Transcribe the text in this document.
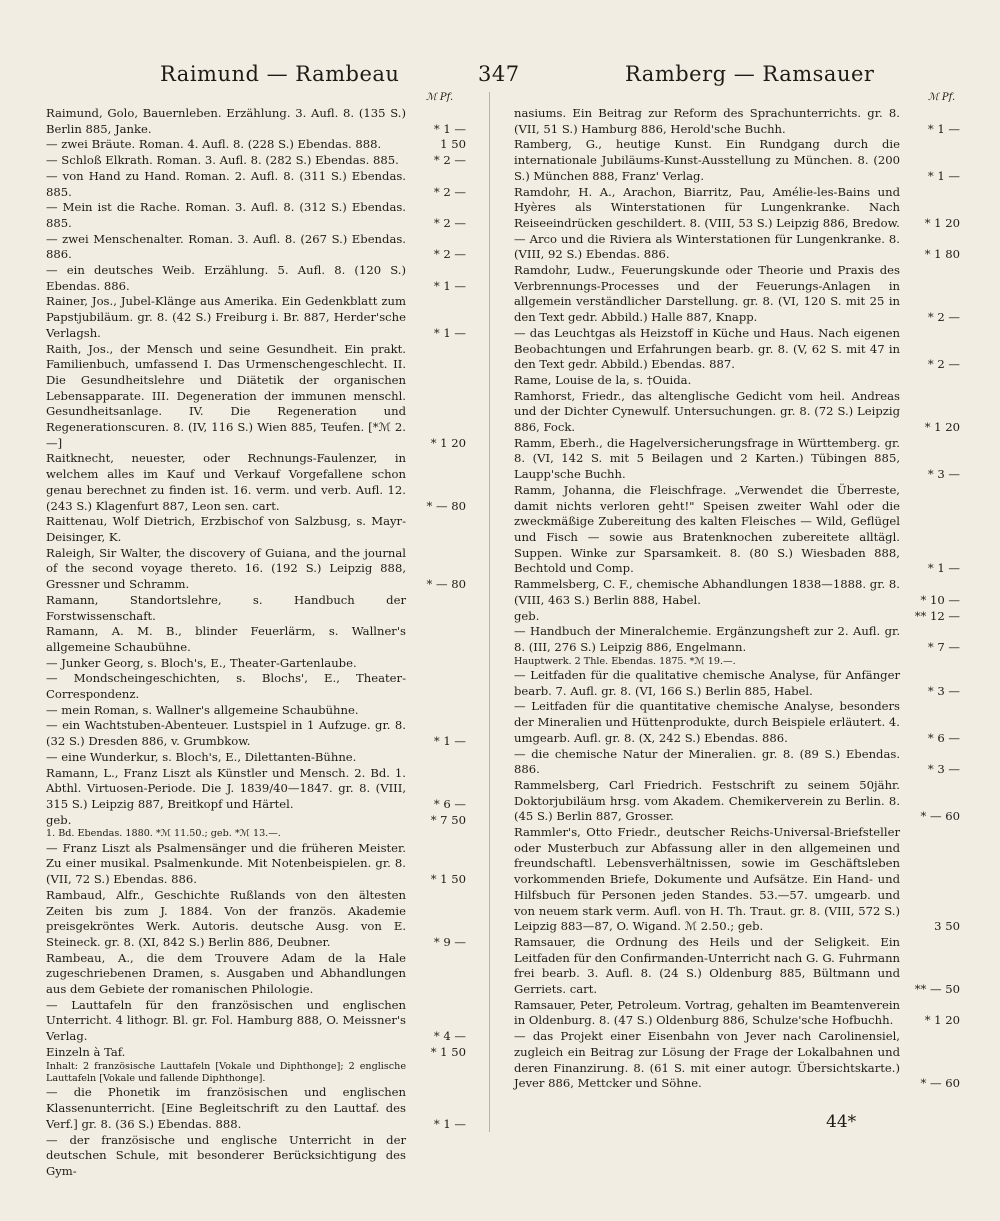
Raimund — Rambeau	347	Ramberg — Ramsauer
ℳ Pf.	ℳ Pf.

Raimund, Golo, Bauernleben. Erzählung. 3. Aufl. 8. (135 S.) Berlin 885, Janke.	* 1 —

— zwei Bräute. Roman. 4. Aufl. 8. (228 S.) Ebendas. 888.	1 50

— Schloß Elkrath. Roman. 3. Aufl. 8. (282 S.) Ebendas. 885.	* 2 —

— von Hand zu Hand. Roman. 2. Aufl. 8. (311 S.) Ebendas. 885.	* 2 —

— Mein ist die Rache. Roman. 3. Aufl. 8. (312 S.) Ebendas. 885.	* 2 —

— zwei Menschenalter. Roman. 3. Aufl. 8. (267 S.) Ebendas. 886.	* 2 —

— ein deutsches Weib. Erzählung. 5. Aufl. 8. (120 S.) Ebendas. 886.	* 1 —

Rainer, Jos., Jubel-Klänge aus Amerika. Ein Gedenkblatt zum Papstjubiläum. gr. 8. (42 S.) Freiburg i. Br. 887, Herder'sche Verlagsh.	* 1 —

Raith, Jos., der Mensch und seine Gesundheit. Ein prakt. Familienbuch, umfassend I. Das Urmenschengeschlecht. II. Die Gesundheitslehre und Diätetik der organischen Lebensapparate. III. Degeneration der immunen menschl. Gesundheitsanlage. IV. Die Regeneration und Regenerationscuren. 8. (IV, 116 S.) Wien 885, Teufen. [*ℳ 2.—]	* 1 20

Raitknecht, neuester, oder Rechnungs-Faulenzer, in welchem alles im Kauf und Verkauf Vorgefallene schon genau berechnet zu finden ist. 16. verm. und verb. Aufl. 12. (243 S.) Klagenfurt 887, Leon sen. cart.	* — 80

Raittenau, Wolf Dietrich, Erzbischof von Salzbusg, s. Mayr-Deisinger, K.

Raleigh, Sir Walter, the discovery of Guiana, and the journal of the second voyage thereto. 16. (192 S.) Leipzig 888, Gressner und Schramm.	* — 80

Ramann, Standortslehre, s. Handbuch der Forstwissenschaft.

Ramann, A. M. B., blinder Feuerlärm, s. Wallner's allgemeine Schaubühne.

— Junker Georg, s. Bloch's, E., Theater-Gartenlaube.

— Mondscheingeschichten, s. Blochs', E., Theater-Correspondenz.

— mein Roman, s. Wallner's allgemeine Schaubühne.

— ein Wachtstuben-Abenteuer. Lustspiel in 1 Aufzuge. gr. 8. (32 S.) Dresden 886, v. Grumbkow.	* 1 —

— eine Wunderkur, s. Bloch's, E., Dilettanten-Bühne.

Ramann, L., Franz Liszt als Künstler und Mensch. 2. Bd. 1. Abthl. Virtuosen-Periode. Die J. 1839/40—1847. gr. 8. (VIII, 315 S.) Leipzig 887, Breitkopf und Härtel.	* 6 —

geb.	* 7 50

1. Bd. Ebendas. 1880. *ℳ 11.50.; geb. *ℳ 13.—.

— Franz Liszt als Psalmensänger und die früheren Meister. Zu einer musikal. Psalmenkunde. Mit Notenbeispielen. gr. 8. (VII, 72 S.) Ebendas. 886.	* 1 50

Rambaud, Alfr., Geschichte Rußlands von den ältesten Zeiten bis zum J. 1884. Von der französ. Akademie preisgekröntes Werk. Autoris. deutsche Ausg. von E. Steineck. gr. 8. (XI, 842 S.) Berlin 886, Deubner.	* 9 —

Rambeau, A., die dem Trouvere Adam de la Hale zugeschriebenen Dramen, s. Ausgaben und Abhandlungen aus dem Gebiete der romanischen Philologie.

— Lauttafeln für den französischen und englischen Unterricht. 4 lithogr. Bl. gr. Fol. Hamburg 888, O. Meissner's Verlag.	* 4 —

Einzeln à Taf.	* 1 50

Inhalt: 2 französische Lauttafeln [Vokale und Diphthonge]; 2 englische Lauttafeln [Vokale und fallende Diphthonge].

— die Phonetik im französischen und englischen Klassenunterricht. [Eine Begleitschrift zu den Lauttaf. des Verf.] gr. 8. (36 S.) Ebendas. 888.	* 1 —

— der französische und englische Unterricht in der deutschen Schule, mit besonderer Berücksichtigung des Gym-

nasiums. Ein Beitrag zur Reform des Sprachunterrichts. gr. 8. (VII, 51 S.) Hamburg 886, Herold'sche Buchh.	* 1 —

Ramberg, G., heutige Kunst. Ein Rundgang durch die internationale Jubiläums-Kunst-Ausstellung zu München. 8. (200 S.) München 888, Franz' Verlag.	* 1 —

Ramdohr, H. A., Arachon, Biarritz, Pau, Amélie-les-Bains und Hyères als Winterstationen für Lungenkranke. Nach Reiseeindrücken geschildert. 8. (VIII, 53 S.) Leipzig 886, Bredow.	* 1 20

— Arco und die Riviera als Winterstationen für Lungenkranke. 8. (VIII, 92 S.) Ebendas. 886.	* 1 80

Ramdohr, Ludw., Feuerungskunde oder Theorie und Praxis des Verbrennungs-Processes und der Feuerungs-Anlagen in allgemein verständlicher Darstellung. gr. 8. (VI, 120 S. mit 25 in den Text gedr. Abbild.) Halle 887, Knapp.	* 2 —

— das Leuchtgas als Heizstoff in Küche und Haus. Nach eigenen Beobachtungen und Erfahrungen bearb. gr. 8. (V, 62 S. mit 47 in den Text gedr. Abbild.) Ebendas. 887.	* 2 —

Rame, Louise de la, s. †Ouida.

Ramhorst, Friedr., das altenglische Gedicht vom heil. Andreas und der Dichter Cynewulf. Untersuchungen. gr. 8. (72 S.) Leipzig 886, Fock.	* 1 20

Ramm, Eberh., die Hagelversicherungsfrage in Württemberg. gr. 8. (VI, 142 S. mit 5 Beilagen und 2 Karten.) Tübingen 885, Laupp'sche Buchh.	* 3 —

Ramm, Johanna, die Fleischfrage. „Verwendet die Überreste, damit nichts verloren geht!" Speisen zweiter Wahl oder die zweckmäßige Zubereitung des kalten Fleisches — Wild, Geflügel und Fisch — sowie aus Bratenknochen zubereitete alltägl. Suppen. Winke zur Sparsamkeit. 8. (80 S.) Wiesbaden 888, Bechtold und Comp.	* 1 —

Rammelsberg, C. F., chemische Abhandlungen 1838—1888. gr. 8. (VIII, 463 S.) Berlin 888, Habel.	* 10 —

geb.	** 12 —

— Handbuch der Mineralchemie. Ergänzungsheft zur 2. Aufl. gr. 8. (III, 276 S.) Leipzig 886, Engelmann.	* 7 —

Hauptwerk. 2 Thle. Ebendas. 1875. *ℳ 19.—.

— Leitfaden für die qualitative chemische Analyse, für Anfänger bearb. 7. Aufl. gr. 8. (VI, 166 S.) Berlin 885, Habel.	* 3 —

— Leitfaden für die quantitative chemische Analyse, besonders der Mineralien und Hüttenprodukte, durch Beispiele erläutert. 4. umgearb. Aufl. gr. 8. (X, 242 S.) Ebendas. 886.	* 6 —

— die chemische Natur der Mineralien. gr. 8. (89 S.) Ebendas. 886.	* 3 —

Rammelsberg, Carl Friedrich. Festschrift zu seinem 50jähr. Doktorjubiläum hrsg. vom Akadem. Chemikerverein zu Berlin. 8. (45 S.) Berlin 887, Grosser.	* — 60

Rammler's, Otto Friedr., deutscher Reichs-Universal-Briefsteller oder Musterbuch zur Abfassung aller in den allgemeinen und freundschaftl. Lebensverhältnissen, sowie im Geschäftsleben vorkommenden Briefe, Dokumente und Aufsätze. Ein Hand- und Hilfsbuch für Personen jeden Standes. 53.—57. umgearb. und von neuem stark verm. Aufl. von H. Th. Traut. gr. 8. (VIII, 572 S.) Leipzig 883—87, O. Wigand. ℳ 2.50.; geb.	3 50

Ramsauer, die Ordnung des Heils und der Seligkeit. Ein Leitfaden für den Confirmanden-Unterricht nach G. G. Fuhrmann frei bearb. 3. Aufl. 8. (24 S.) Oldenburg 885, Bültmann und Gerriets. cart.	** — 50

Ramsauer, Peter, Petroleum. Vortrag, gehalten im Beamtenverein in Oldenburg. 8. (47 S.) Oldenburg 886, Schulze'sche Hofbuchh.	* 1 20

— das Projekt einer Eisenbahn von Jever nach Carolinensiel, zugleich ein Beitrag zur Lösung der Frage der Lokalbahnen und deren Finanzirung. 8. (61 S. mit einer autogr. Übersichtskarte.) Jever 886, Mettcker und Söhne.	* — 60

44*
